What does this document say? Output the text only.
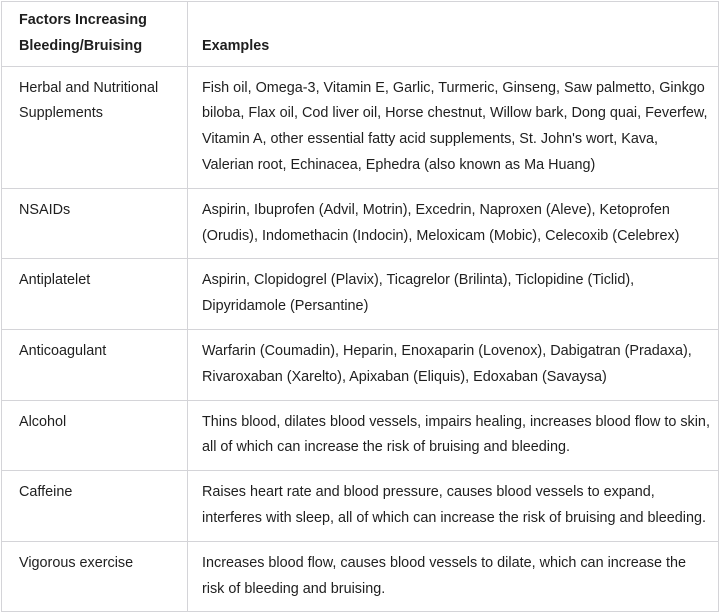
Factors Increasing Bleeding/Bruising	Examples
Herbal and Nutritional Supplements	Fish oil, Omega-3, Vitamin E, Garlic, Turmeric, Ginseng, Saw palmetto, Ginkgo biloba, Flax oil, Cod liver oil, Horse chestnut, Willow bark, Dong quai, Feverfew, Vitamin A, other essential fatty acid supplements, St. John's wort, Kava, Valerian root, Echinacea, Ephedra (also known as Ma Huang)
NSAIDs	Aspirin, Ibuprofen (Advil, Motrin), Excedrin, Naproxen (Aleve), Ketoprofen (Orudis), Indomethacin (Indocin), Meloxicam (Mobic), Celecoxib (Celebrex)
Antiplatelet	Aspirin, Clopidogrel (Plavix), Ticagrelor (Brilinta), Ticlopidine (Ticlid), Dipyridamole (Persantine)
Anticoagulant	Warfarin (Coumadin), Heparin, Enoxaparin (Lovenox), Dabigatran (Pradaxa), Rivaroxaban (Xarelto), Apixaban (Eliquis), Edoxaban (Savaysa)
Alcohol	Thins blood, dilates blood vessels, impairs healing, increases blood flow to skin, all of which can increase the risk of bruising and bleeding.
Caffeine	Raises heart rate and blood pressure, causes blood vessels to expand, interferes with sleep, all of which can increase the risk of bruising and bleeding.
Vigorous exercise	Increases blood flow, causes blood vessels to dilate, which can increase the risk of bleeding and bruising.
